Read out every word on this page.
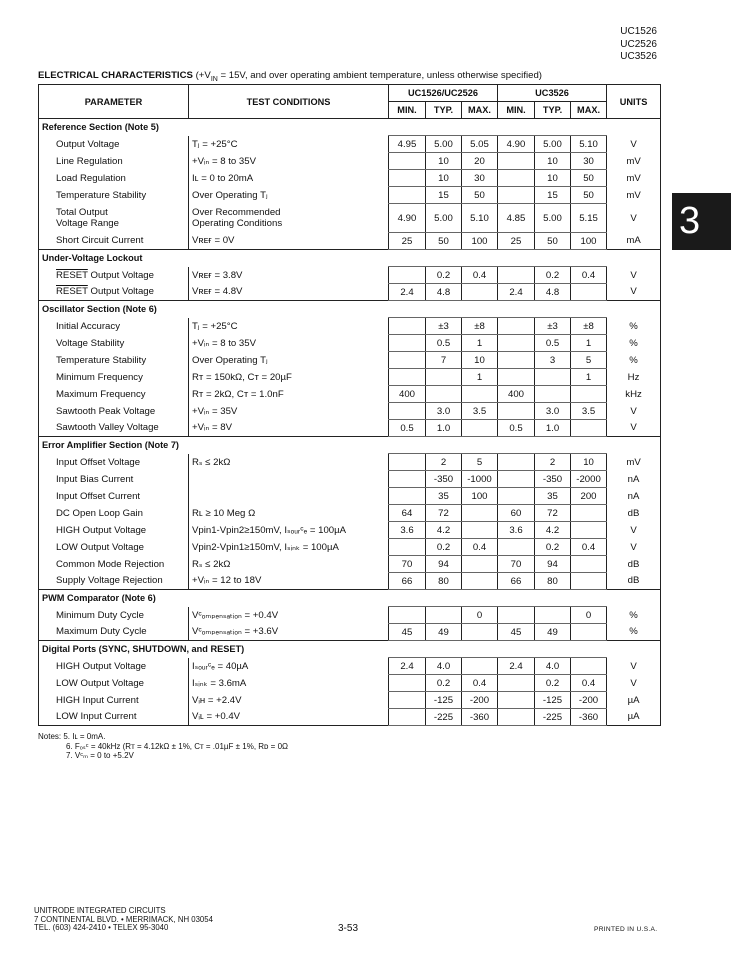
UC1526
UC2526
UC3526
ELECTRICAL CHARACTERISTICS ($+V_{IN} = 15V$, and over operating ambient temperature, unless otherwise specified)
3
PARAMETER	TEST CONDITIONS	UC1526/UC2526			UC3526			UNITS
		MIN.	TYP.	MAX.	MIN.	TYP.	MAX.	
Reference Section (Note 5)								
Output Voltage	Tⱼ = +25°C	4.95	5.00	5.05	4.90	5.00	5.10	V
Line Regulation	+Vᵢₙ = 8 to 35V		10	20		10	30	mV
Load Regulation	Iʟ = 0 to 20mA		10	30		10	50	mV
Temperature Stability	Over Operating Tⱼ		15	50		15	50	mV
Total Output
Voltage Range	Over Recommended
Operating Conditions	4.90	5.00	5.10	4.85	5.00	5.15	V
Short Circuit Current	Vʀᴇғ = 0V	25	50	100	25	50	100	mA
Under-Voltage Lockout								
RESET Output Voltage	Vʀᴇғ = 3.8V		0.2	0.4		0.2	0.4	V
RESET Output Voltage	Vʀᴇғ = 4.8V	2.4	4.8		2.4	4.8		V
Oscillator Section (Note 6)								
Initial Accuracy	Tⱼ = +25°C		±3	±8		±3	±8	%
Voltage Stability	+Vᵢₙ = 8 to 35V		0.5	1		0.5	1	%
Temperature Stability	Over Operating Tⱼ		7	10		3	5	%
Minimum Frequency	Rᴛ = 150kΩ, Cᴛ = 20µF			1			1	Hz
Maximum Frequency	Rᴛ = 2kΩ, Cᴛ = 1.0nF	400			400			kHz
Sawtooth Peak Voltage	+Vᵢₙ = 35V		3.0	3.5		3.0	3.5	V
Sawtooth Valley Voltage	+Vᵢₙ = 8V	0.5	1.0		0.5	1.0		V
Error Amplifier Section (Note 7)								
Input Offset Voltage	Rₛ ≤ 2kΩ		2	5		2	10	mV
Input Bias Current			-350	-1000		-350	-2000	nA
Input Offset Current			35	100		35	200	nA
DC Open Loop Gain	Rʟ ≥ 10 Meg Ω	64	72		60	72		dB
HIGH Output Voltage	Vpin1-Vpin2≥150mV, Iₛₒᵤᵣᶜₑ = 100µA	3.6	4.2		3.6	4.2		V
LOW Output Voltage	Vpin2-Vpin1≥150mV, Iₛᵢₙₖ = 100µA		0.2	0.4		0.2	0.4	V
Common Mode Rejection	Rₛ ≤ 2kΩ	70	94		70	94		dB
Supply Voltage Rejection	+Vᵢₙ = 12 to 18V	66	80		66	80		dB
PWM Comparator (Note 6)								
Minimum Duty Cycle	Vᶜₒₘₚₑₙₛₐₜᵢₒₙ = +0.4V			0			0	%
Maximum Duty Cycle	Vᶜₒₘₚₑₙₛₐₜᵢₒₙ = +3.6V	45	49		45	49		%
Digital Ports (SYNC, SHUTDOWN, and RESET)								
HIGH Output Voltage	Iₛₒᵤᵣᶜₑ = 40µA	2.4	4.0		2.4	4.0		V
LOW Output Voltage	Iₛᵢₙₖ = 3.6mA		0.2	0.4		0.2	0.4	V
HIGH Input Current	Vᵢʜ = +2.4V		-125	-200		-125	-200	µA
LOW Input Current	Vᵢʟ = +0.4V		-225	-360		-225	-360	µA
Notes: 5. Iʟ = 0mA.
6. Fₒₛᶜ = 40kHz (Rᴛ = 4.12kΩ ± 1%, Cᴛ = .01µF ± 1%, Rᴅ = 0Ω
7. Vᶜₘ = 0 to +5.2V
UNITRODE INTEGRATED CIRCUITS
7 CONTINENTAL BLVD. • MERRIMACK, NH 03054
TEL. (603) 424-2410 • TELEX 95-3040	3-53	PRINTED IN U.S.A.
